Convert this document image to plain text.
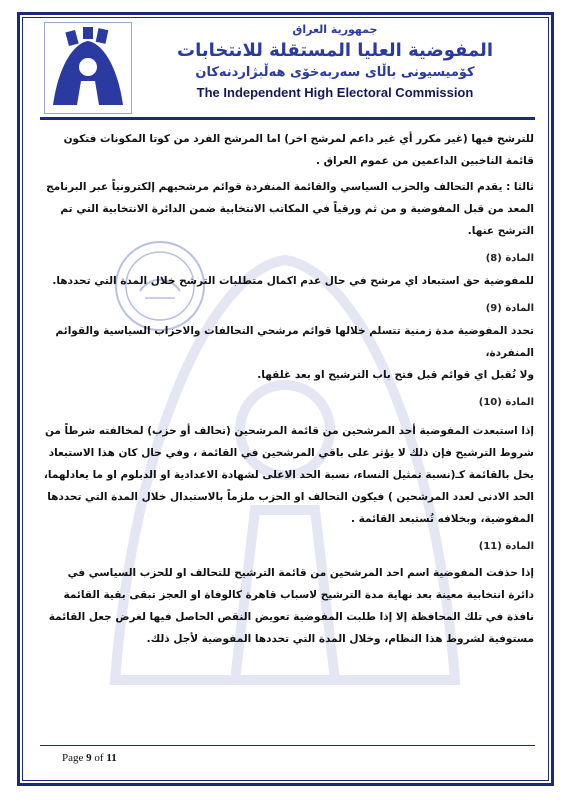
جمهورية العراق
المفوضية العليا المستقلة للانتخابات
كۆميسيونى باڵاى سەربەخۆى هەڵبژاردنەكان
The Independent High Electoral Commission

للترشح فيها (غير مكرر أي غير داعم لمرشح اخر) اما المرشح الفرد من كوتا المكونات فتكون قائمة الناخبين الداعمين من عموم العراق .

ثالثا : يقدم التحالف والحزب السياسي والقائمة المنفردة قوائم مرشحيهم إلكترونياً عبر البرنامج المعد من قبل المفوضية و من ثم ورقياً في المكاتب الانتخابية ضمن الدائرة الانتخابية التي تم الترشح عنها.

المادة (8)

للمفوضية حق استبعاد اي مرشح في حال عدم اكمال متطلبات الترشح خلال المدة التي تحددها.

المادة (9)

تحدد المفوضية مدة زمنية تتسلم خلالها قوائم مرشحي التحالفات والاحزاب السياسية والقوائم المنفردة،

ولا تُقبل اي قوائم قبل فتح باب الترشيح او بعد غلقها.

المادة (10)

إذا استبعدت المفوضية أحد المرشحين من قائمة المرشحين (تحالف أو حزب) لمخالفته شرطاً من شروط الترشيح فإن ذلك لا يؤثر على باقي المرشحين في القائمة ، وفي حال كان هذا الاستبعاد يخل بالقائمة كـ(نسبة تمثيل النساء، نسبة الحد الاعلى لشهادة الاعدادية او الدبلوم او ما يعادلهما، الحد الادنى لعدد المرشحين ) فيكون التحالف او الحزب ملزماً بالاستبدال خلال المدة التي تحددها المفوضية، وبخلافه تُستبعد القائمة .

المادة (11)

إذا حذفت المفوضية اسم احد المرشحين من قائمة الترشيح للتحالف او للحزب السياسي في دائرة انتخابية معينة بعد نهاية مدة الترشيح لاسباب قاهرة كالوفاة او العجز تبقى بقية القائمة نافذة في تلك المحافظة إلا إذا طلبت المفوضية تعويض النقص الحاصل فيها لغرض جعل القائمة مستوفية لشروط هذا النظام، وخلال المدة التي تحددها المفوضية لأجل ذلك.

Page 9 of 11
